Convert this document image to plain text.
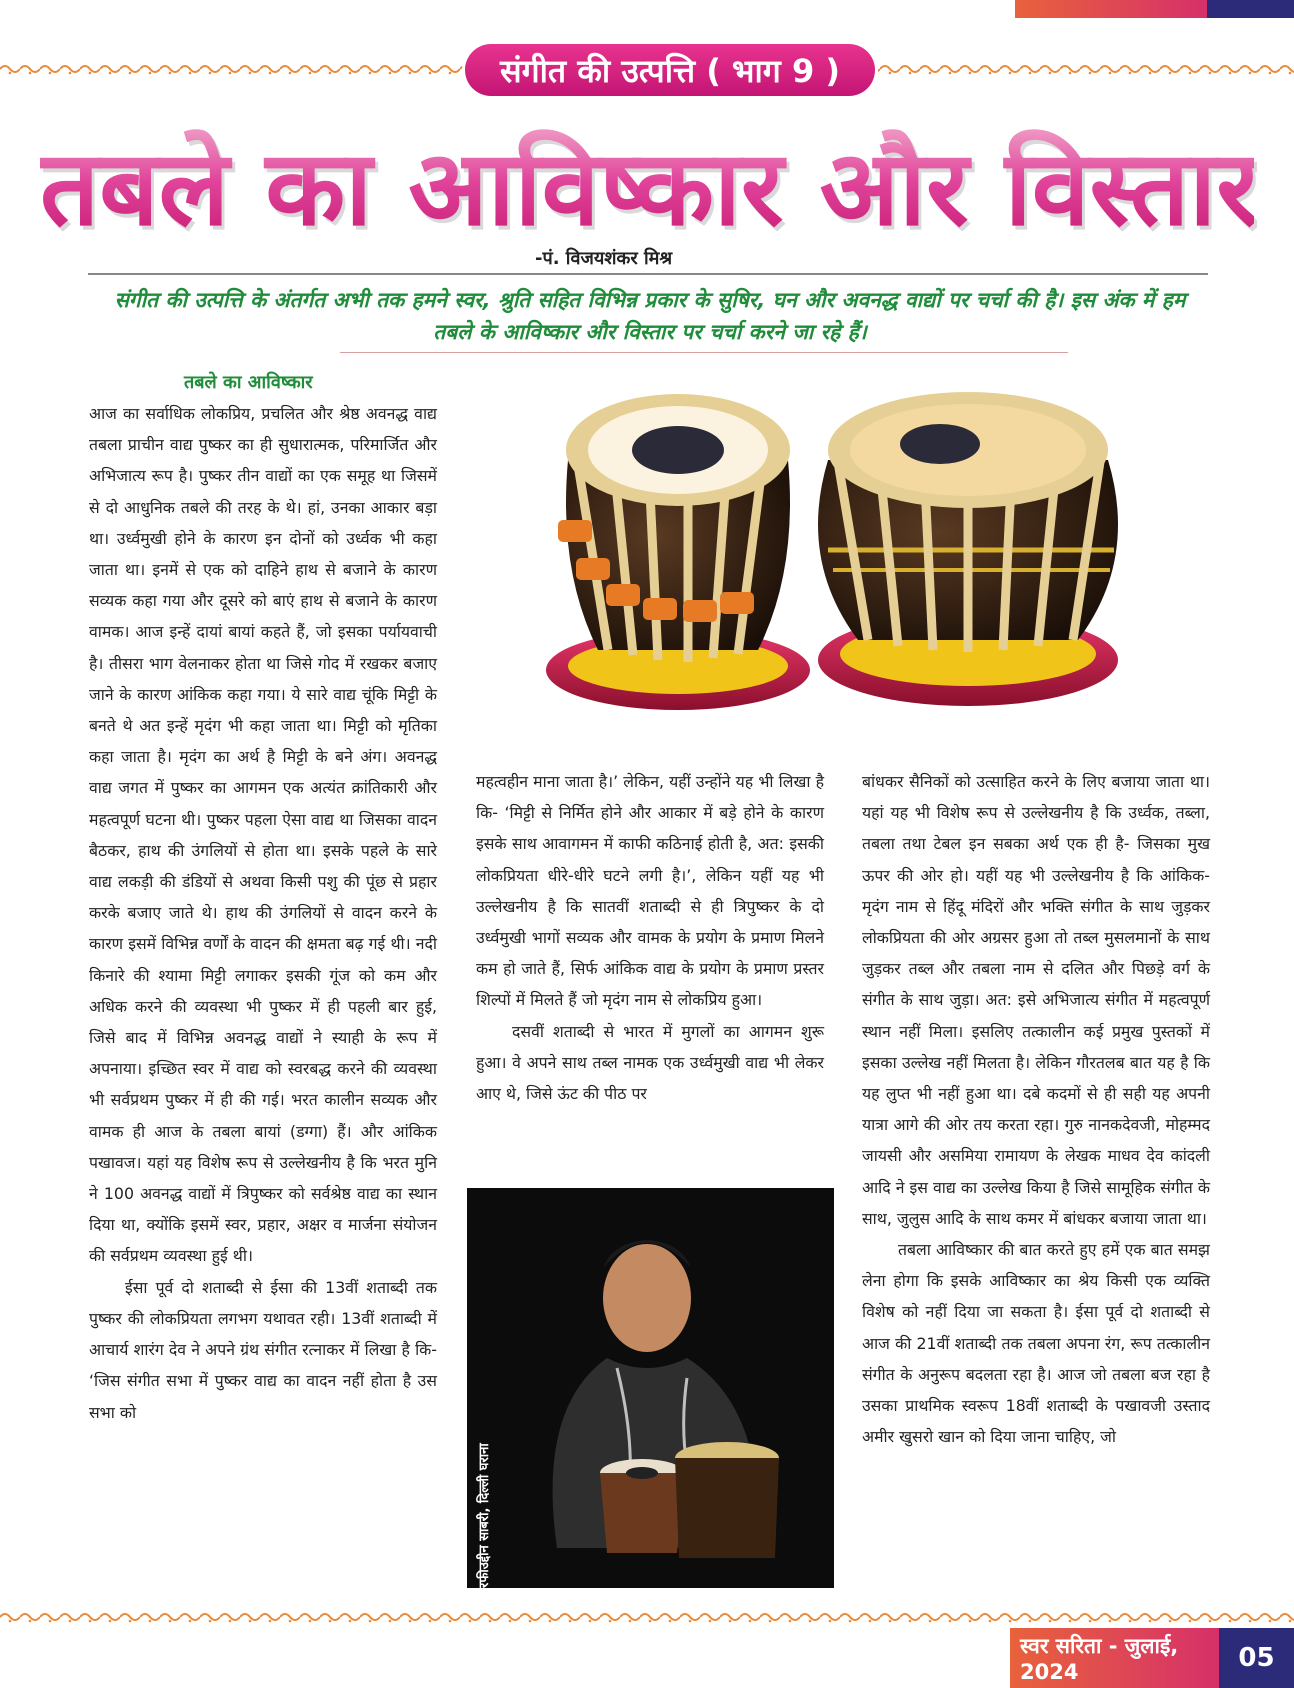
संगीत की उत्पत्ति ( भाग 9 )
तबले का आविष्कार और विस्तार
-पं. विजयशंकर मिश्र
संगीत की उत्पत्ति के अंतर्गत अभी तक हमने स्वर, श्रुति सहित विभिन्न प्रकार के सुषिर, घन और अवनद्ध वाद्यों पर चर्चा की है। इस अंक में हम तबले के आविष्कार और विस्तार पर चर्चा करने जा रहे हैं।
तबले का आविष्कार

आज का सर्वाधिक लोकप्रिय, प्रचलित और श्रेष्ठ अवनद्ध वाद्य तबला प्राचीन वाद्य पुष्कर का ही सुधारात्मक, परिमार्जित और अभिजात्य रूप है। पुष्कर तीन वाद्यों का एक समूह था जिसमें से दो आधुनिक तबले की तरह के थे। हां, उनका आकार बड़ा था। उर्ध्वमुखी होने के कारण इन दोनों को उर्ध्वक भी कहा जाता था। इनमें से एक को दाहिने हाथ से बजाने के कारण सव्यक कहा गया और दूसरे को बाएं हाथ से बजाने के कारण वामक। आज इन्हें दायां बायां कहते हैं, जो इसका पर्यायवाची है। तीसरा भाग वेलनाकर होता था जिसे गोद में रखकर बजाए जाने के कारण आंकिक कहा गया। ये सारे वाद्य चूंकि मिट्टी के बनते थे अत इन्हें मृदंग भी कहा जाता था। मिट्टी को मृतिका कहा जाता है। मृदंग का अर्थ है मिट्टी के बने अंग। अवनद्ध वाद्य जगत में पुष्कर का आगमन एक अत्यंत क्रांतिकारी और महत्वपूर्ण घटना थी। पुष्कर पहला ऐसा वाद्य था जिसका वादन बैठकर, हाथ की उंगलियों से होता था। इसके पहले के सारे वाद्य लकड़ी की डंडियों से अथवा किसी पशु की पूंछ से प्रहार करके बजाए जाते थे। हाथ की उंगलियों से वादन करने के कारण इसमें विभिन्न वर्णों के वादन की क्षमता बढ़ गई थी। नदी किनारे की श्यामा मिट्टी लगाकर इसकी गूंज को कम और अधिक करने की व्यवस्था भी पुष्कर में ही पहली बार हुई, जिसे बाद में विभिन्न अवनद्ध वाद्यों ने स्याही के रूप में अपनाया। इच्छित स्वर में वाद्य को स्वरबद्ध करने की व्यवस्था भी सर्वप्रथम पुष्कर में ही की गई। भरत कालीन सव्यक और वामक ही आज के तबला बायां (डग्गा) हैं। और आंकिक पखावज। यहां यह विशेष रूप से उल्लेखनीय है कि भरत मुनि ने 100 अवनद्ध वाद्यों में त्रिपुष्कर को सर्वश्रेष्ठ वाद्य का स्थान दिया था, क्योंकि इसमें स्वर, प्रहार, अक्षर व मार्जना संयोजन की सर्वप्रथम व्यवस्था हुई थी।

ईसा पूर्व दो शताब्दी से ईसा की 13वीं शताब्दी तक पुष्कर की लोकप्रियता लगभग यथावत रही। 13वीं शताब्दी में आचार्य शारंग देव ने अपने ग्रंथ संगीत रत्नाकर में लिखा है कि- ‘जिस संगीत सभा में पुष्कर वाद्य का वादन नहीं होता है उस सभा को

महत्वहीन माना जाता है।’ लेकिन, यहीं उन्होंने यह भी लिखा है कि- ‘मिट्टी से निर्मित होने और आकार में बड़े होने के कारण इसके साथ आवागमन में काफी कठिनाई होती है, अत: इसकी लोकप्रियता धीरे-धीरे घटने लगी है।’, लेकिन यहीं यह भी उल्लेखनीय है कि सातवीं शताब्दी से ही त्रिपुष्कर के दो उर्ध्वमुखी भागों सव्यक और वामक के प्रयोग के प्रमाण मिलने कम हो जाते हैं, सिर्फ आंकिक वाद्य के प्रयोग के प्रमाण प्रस्तर शिल्पों में मिलते हैं जो मृदंग नाम से लोकप्रिय हुआ।

दसवीं शताब्दी से भारत में मुगलों का आगमन शुरू हुआ। वे अपने साथ तब्ल नामक एक उर्ध्वमुखी वाद्य भी लेकर आए थे, जिसे ऊंट की पीठ पर

रफीउद्दीन साबरी, दिल्ली घराना

बांधकर सैनिकों को उत्साहित करने के लिए बजाया जाता था। यहां यह भी विशेष रूप से उल्लेखनीय है कि उर्ध्वक, तब्ला, तबला तथा टेबल इन सबका अर्थ एक ही है- जिसका मुख ऊपर की ओर हो। यहीं यह भी उल्लेखनीय है कि आंकिक- मृदंग नाम से हिंदू मंदिरों और भक्ति संगीत के साथ जुड़कर लोकप्रियता की ओर अग्रसर हुआ तो तब्ल मुसलमानों के साथ जुड़कर तब्ल और तबला नाम से दलित और पिछड़े वर्ग के संगीत के साथ जुड़ा। अत: इसे अभिजात्य संगीत में महत्वपूर्ण स्थान नहीं मिला। इसलिए तत्कालीन कई प्रमुख पुस्तकों में इसका उल्लेख नहीं मिलता है। लेकिन गौरतलब बात यह है कि यह लुप्त भी नहीं हुआ था। दबे कदमों से ही सही यह अपनी यात्रा आगे की ओर तय करता रहा। गुरु नानकदेवजी, मोहम्मद जायसी और असमिया रामायण के लेखक माधव देव कांदली आदि ने इस वाद्य का उल्लेख किया है जिसे सामूहिक संगीत के साथ, जुलुस आदि के साथ कमर में बांधकर बजाया जाता था।

तबला आविष्कार की बात करते हुए हमें एक बात समझ लेना होगा कि इसके आविष्कार का श्रेय किसी एक व्यक्ति विशेष को नहीं दिया जा सकता है। ईसा पूर्व दो शताब्दी से आज की 21वीं शताब्दी तक तबला अपना रंग, रूप तत्कालीन संगीत के अनुरूप बदलता रहा है। आज जो तबला बज रहा है उसका प्राथमिक स्वरूप 18वीं शताब्दी के पखावजी उस्ताद अमीर खुसरो खान को दिया जाना चाहिए, जो

स्वर सरिता - जुलाई, 2024	05
